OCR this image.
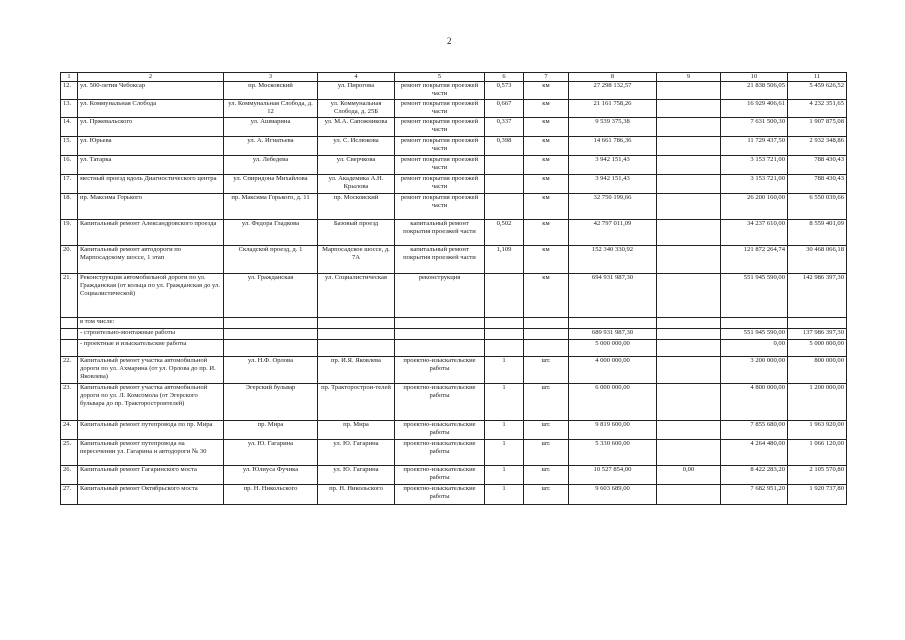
2
1	2	3	4	5	6	7	8	9	10	11
12.	ул. 500-летия Чебоксар	пр. Московский	ул. Пирогова	ремонт покрытия проезжей части	0,573	км	27 298 132,57		21 838 506,05	5 459 626,52
13.	ул. Коммунальная Слобода	ул. Коммунальная Слобода, д. 12	ул. Коммунальная Слобода, д. 25Б	ремонт покрытия проезжей части	0,667	км	21 161 758,26		16 929 406,61	4 232 351,65
14.	ул. Пржевальского	ул. Ашмарина	ул. М.А. Сапожникова	ремонт покрытия проезжей части	0,337	км	9 539 375,38		7 631 500,30	1 907 875,08
15.	ул. Юрьева	ул. А. Игнатьева	ул. С. Ислюкова	ремонт покрытия проезжей части	0,398	км	14 661 786,36		11 729 437,50	2 932 348,86
16.	ул. Татарка	ул. Лебедева	ул. Сверчкова	ремонт покрытия проезжей части		км	3 942 151,43		3 153 721,00	788 430,43
17.	местный проезд вдоль Диагностического центра	ул. Спиридона Михайлова	ул. Академика А.Н. Крылова	ремонт покрытия проезжей части		км	3 942 151,43		3 153 721,00	788 430,43
18.	пр. Максима Горького	пр. Максима Горького, д. 11	пр. Московский	ремонт покрытия проезжей части		км	32 750 199,66		26 200 160,00	6 550 039,66
19.	Капитальный ремонт Александровского проезда	ул. Федора Гладкова	Базовый проезд	капитальный ремонт покрытия проезжей части	0,502	км	42 797 011,09		34 237 610,00	8 559 401,09
20.	Капитальный ремонт автодороги по Марпосадскому шоссе, 1 этап	Складской проезд, д. 1	Марпосадское шоссе, д. 7А	капитальный ремонт покрытия проезжей части	1,109	км	152 340 330,92		121 872 264,74	30 468 066,18
21.	Реконструкция автомобильной дороги по ул. Гражданская (от кольца по ул. Гражданская до ул. Социалистической)	ул. Гражданская	ул. Социалистическая	реконструкция		км	694 931 987,30		551 945 590,00	142 986 397,30
	в том числе:									
	- строительно-монтажные работы						689 931 987,30		551 945 590,00	137 986 397,30
	- проектные и изыскательские работы						5 000 000,00		0,00	5 000 000,00
22.	Капитальный ремонт участка автомобильной дороги по ул. Ахмарина (от ул. Орлова до пр. И. Яковлева)	ул. Н.Ф. Орлова	пр. И.Я. Яковлева	проектно-изыскательские работы	1	шт.	4 000 000,00		3 200 000,00	800 000,00
23.	Капитальный ремонт участка автомобильной дороги по ул. Л. Комсомола (от Эгерского бульвара до пр. Тракторостроителей)	Эгерский бульвар	пр. Тракторострои-телей	проектно-изыскательские работы	1	шт.	6 000 000,00		4 800 000,00	1 200 000,00
24.	Капитальный ремонт путепровода по пр. Мира	пр. Мира	пр. Мира	проектно-изыскательские работы	1	шт.	9 819 600,00		7 855 680,00	1 963 920,00
25.	Капитальный ремонт путепровода на пересечении ул. Гагарина и автодороги № 30	ул. Ю. Гагарина	ул. Ю. Гагарина	проектно-изыскательские работы	1	шт.	5 330 600,00		4 264 480,00	1 066 120,00
26.	Капитальный ремонт Гагаринского моста	ул. Юлиуса Фучика	ул. Ю. Гагарина	проектно-изыскательские работы	1	шт.	10 527 854,00	0,00	8 422 283,20	2 105 570,80
27.	Капитальный ремонт Октябрьского моста	пр. Н. Никольского	пр. Н. Никольского	проектно-изыскательские работы	1	шт.	9 603 689,00		7 682 951,20	1 920 737,80
